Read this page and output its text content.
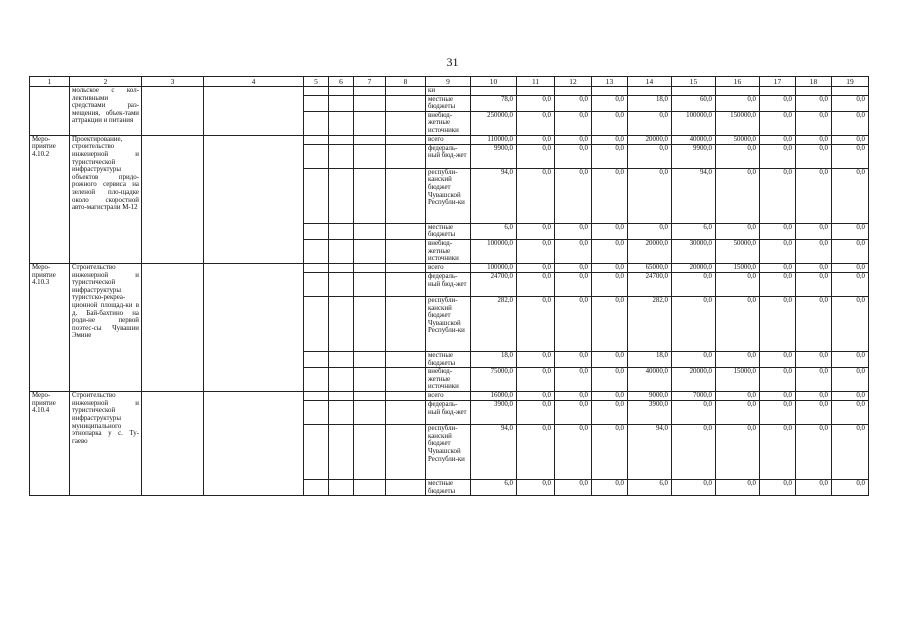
31
1	2	3	4	5	6	7	8	9	10	11	12	13	14	15	16	17	18	19
	мольское с кол-лективными средствами раз-мещения, объек-тами аттракции и питания							ки										
								местные бюджеты	78,0	0,0	0,0	0,0	18,0	60,0	0,0	0,0	0,0	0,0
								внебюд-жетные источники	250000,0	0,0	0,0	0,0	0,0	100000,0	150000,0	0,0	0,0	0,0
Меро-приятие 4.10.2	Проектирование, строительство инженерной и туристической инфраструктуры объектов придо-рожного сервиса на зеленой пло-щадке около скоростной авто-магистрали М-12							всего	110000,0	0,0	0,0	0,0	20000,0	40000,0	50000,0	0,0	0,0	0,0
								федераль-ный бюд-жет	9900,0	0,0	0,0	0,0	0,0	9900,0	0,0	0,0	0,0	0,0
								республи-канский бюджет Чувашской Республи-ки	94,0	0,0	0,0	0,0	0,0	94,0	0,0	0,0	0,0	0,0
								местные бюджеты	6,0	0,0	0,0	0,0	0,0	6,0	0,0	0,0	0,0	0,0
								внебюд-жетные источники	100000,0	0,0	0,0	0,0	20000,0	30000,0	50000,0	0,0	0,0	0,0
Меро-приятие 4.10.3	Строительство инженерной и туристической инфраструктуры туристско-рекреа-ционной площад-ки в д. Бай-бахтино на роди-не первой поэтес-сы Чувашии Эмине							всего	100000,0	0,0	0,0	0,0	65000,0	20000,0	15000,0	0,0	0,0	0,0
								федераль-ный бюд-жет	24700,0	0,0	0,0	0,0	24700,0	0,0	0,0	0,0	0,0	0,0
								республи-канский бюджет Чувашской Республи-ки	282,0	0,0	0,0	0,0	282,0	0,0	0,0	0,0	0,0	0,0
								местные бюджеты	18,0	0,0	0,0	0,0	18,0	0,0	0,0	0,0	0,0	0,0
								внебюд-жетные источники	75000,0	0,0	0,0	0,0	40000,0	20000,0	15000,0	0,0	0,0	0,0
Меро-приятие 4.10.4	Строительство инженерной и туристической инфраструктуры муниципального этнопарка у с. Ту-гаево							всего	16000,0	0,0	0,0	0,0	9000,0	7000,0	0,0	0,0	0,0	0,0
								федераль-ный бюд-жет	3900,0	0,0	0,0	0,0	3900,0	0,0	0,0	0,0	0,0	0,0
								республи-канский бюджет Чувашской Республи-ки	94,0	0,0	0,0	0,0	94,0	0,0	0,0	0,0	0,0	0,0
								местные бюджеты	6,0	0,0	0,0	0,0	6,0	0,0	0,0	0,0	0,0	0,0
